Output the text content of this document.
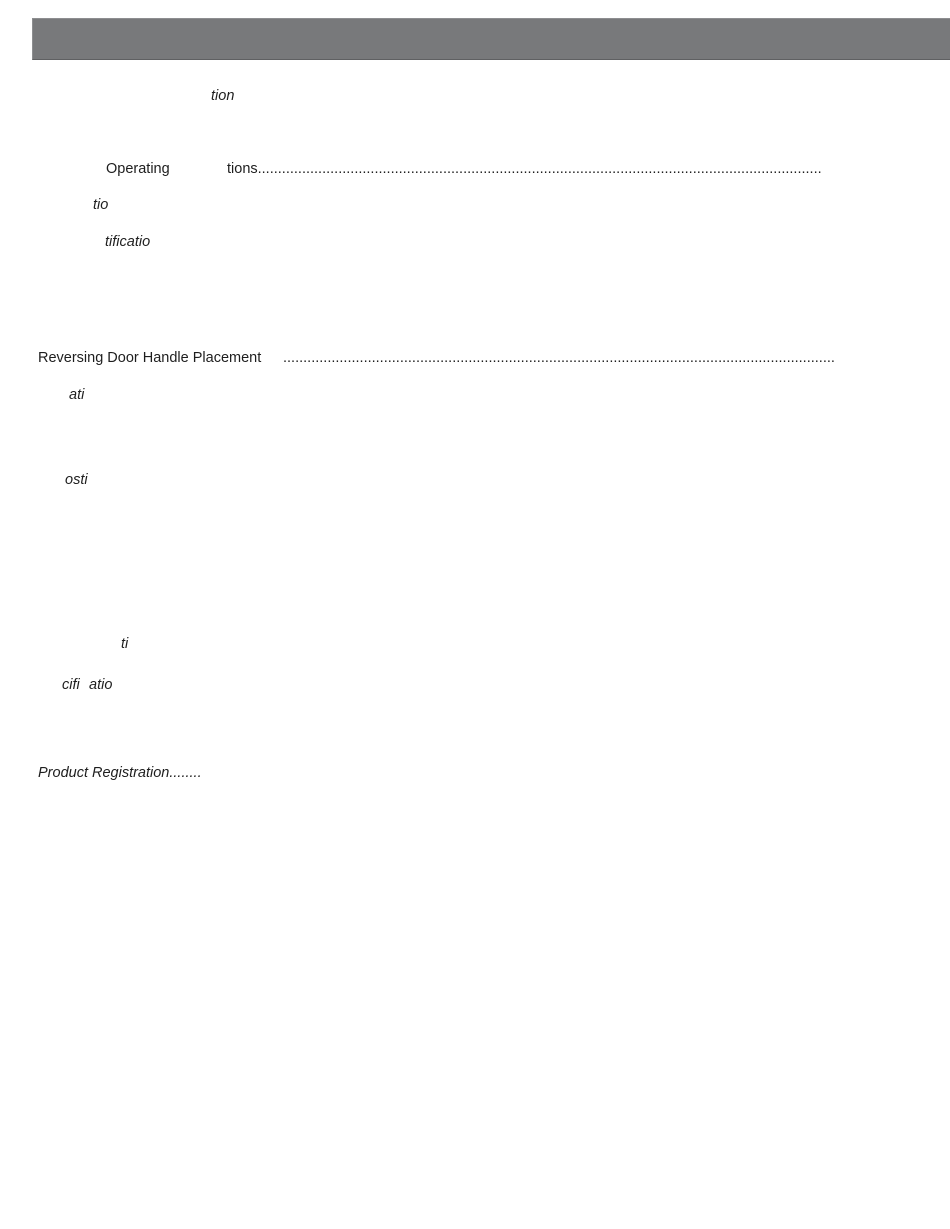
tion
Operating	tions............................................................................................................................................
tio
tificatio
Reversing Door Handle Placement .........................................................................................................................................
ati
osti
ti
cifi atio
Product Registration........
